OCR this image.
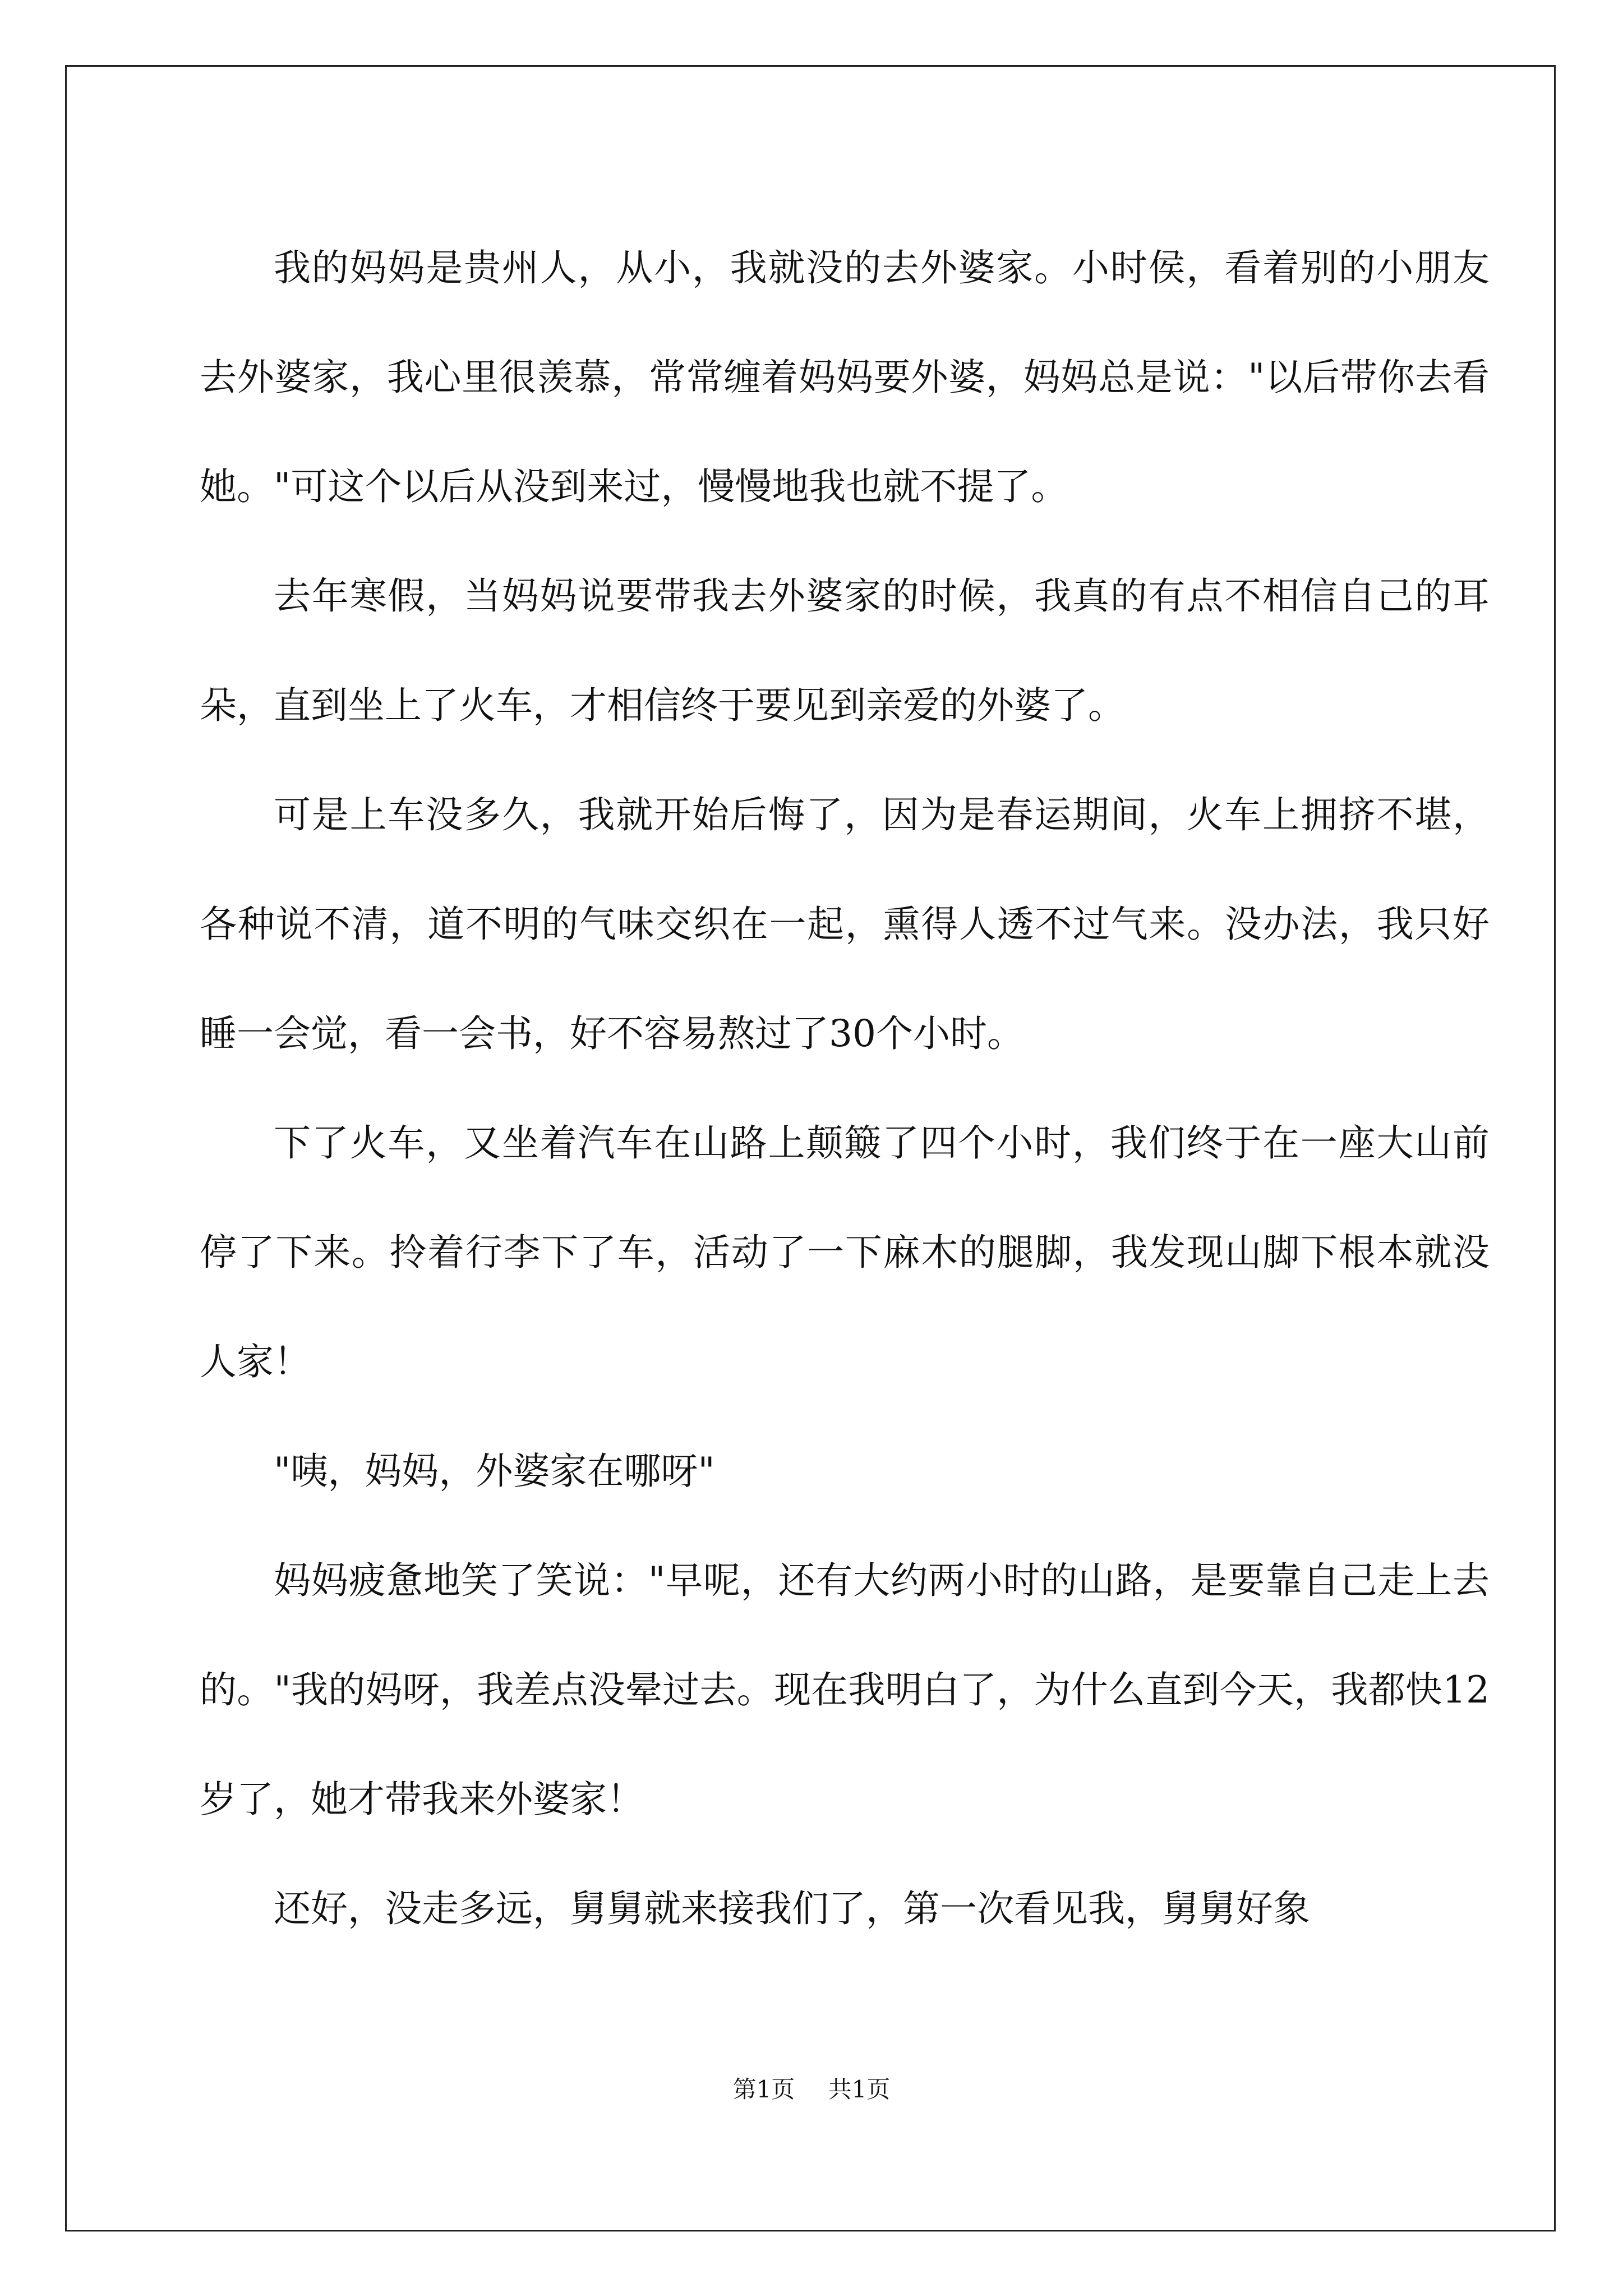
我的妈妈是贵州人，从小，我就没的去外婆家。小时侯，看着别的小朋友去外婆家，我心里很羡慕，常常缠着妈妈要外婆，妈妈总是说："以后带你去看她。"可这个以后从没到来过，慢慢地我也就不提了。

去年寒假，当妈妈说要带我去外婆家的时候，我真的有点不相信自己的耳朵，直到坐上了火车，才相信终于要见到亲爱的外婆了。

可是上车没多久，我就开始后悔了，因为是春运期间，火车上拥挤不堪，各种说不清，道不明的气味交织在一起，熏得人透不过气来。没办法，我只好睡一会觉，看一会书，好不容易熬过了30个小时。

下了火车，又坐着汽车在山路上颠簸了四个小时，我们终于在一座大山前停了下来。拎着行李下了车，活动了一下麻木的腿脚，我发现山脚下根本就没人家！

"咦，妈妈，外婆家在哪呀"

妈妈疲惫地笑了笑说："早呢，还有大约两小时的山路，是要靠自己走上去的。"我的妈呀，我差点没晕过去。现在我明白了，为什么直到今天，我都快12岁了，她才带我来外婆家！

还好，没走多远，舅舅就来接我们了，第一次看见我，舅舅好象

第1页 共1页
